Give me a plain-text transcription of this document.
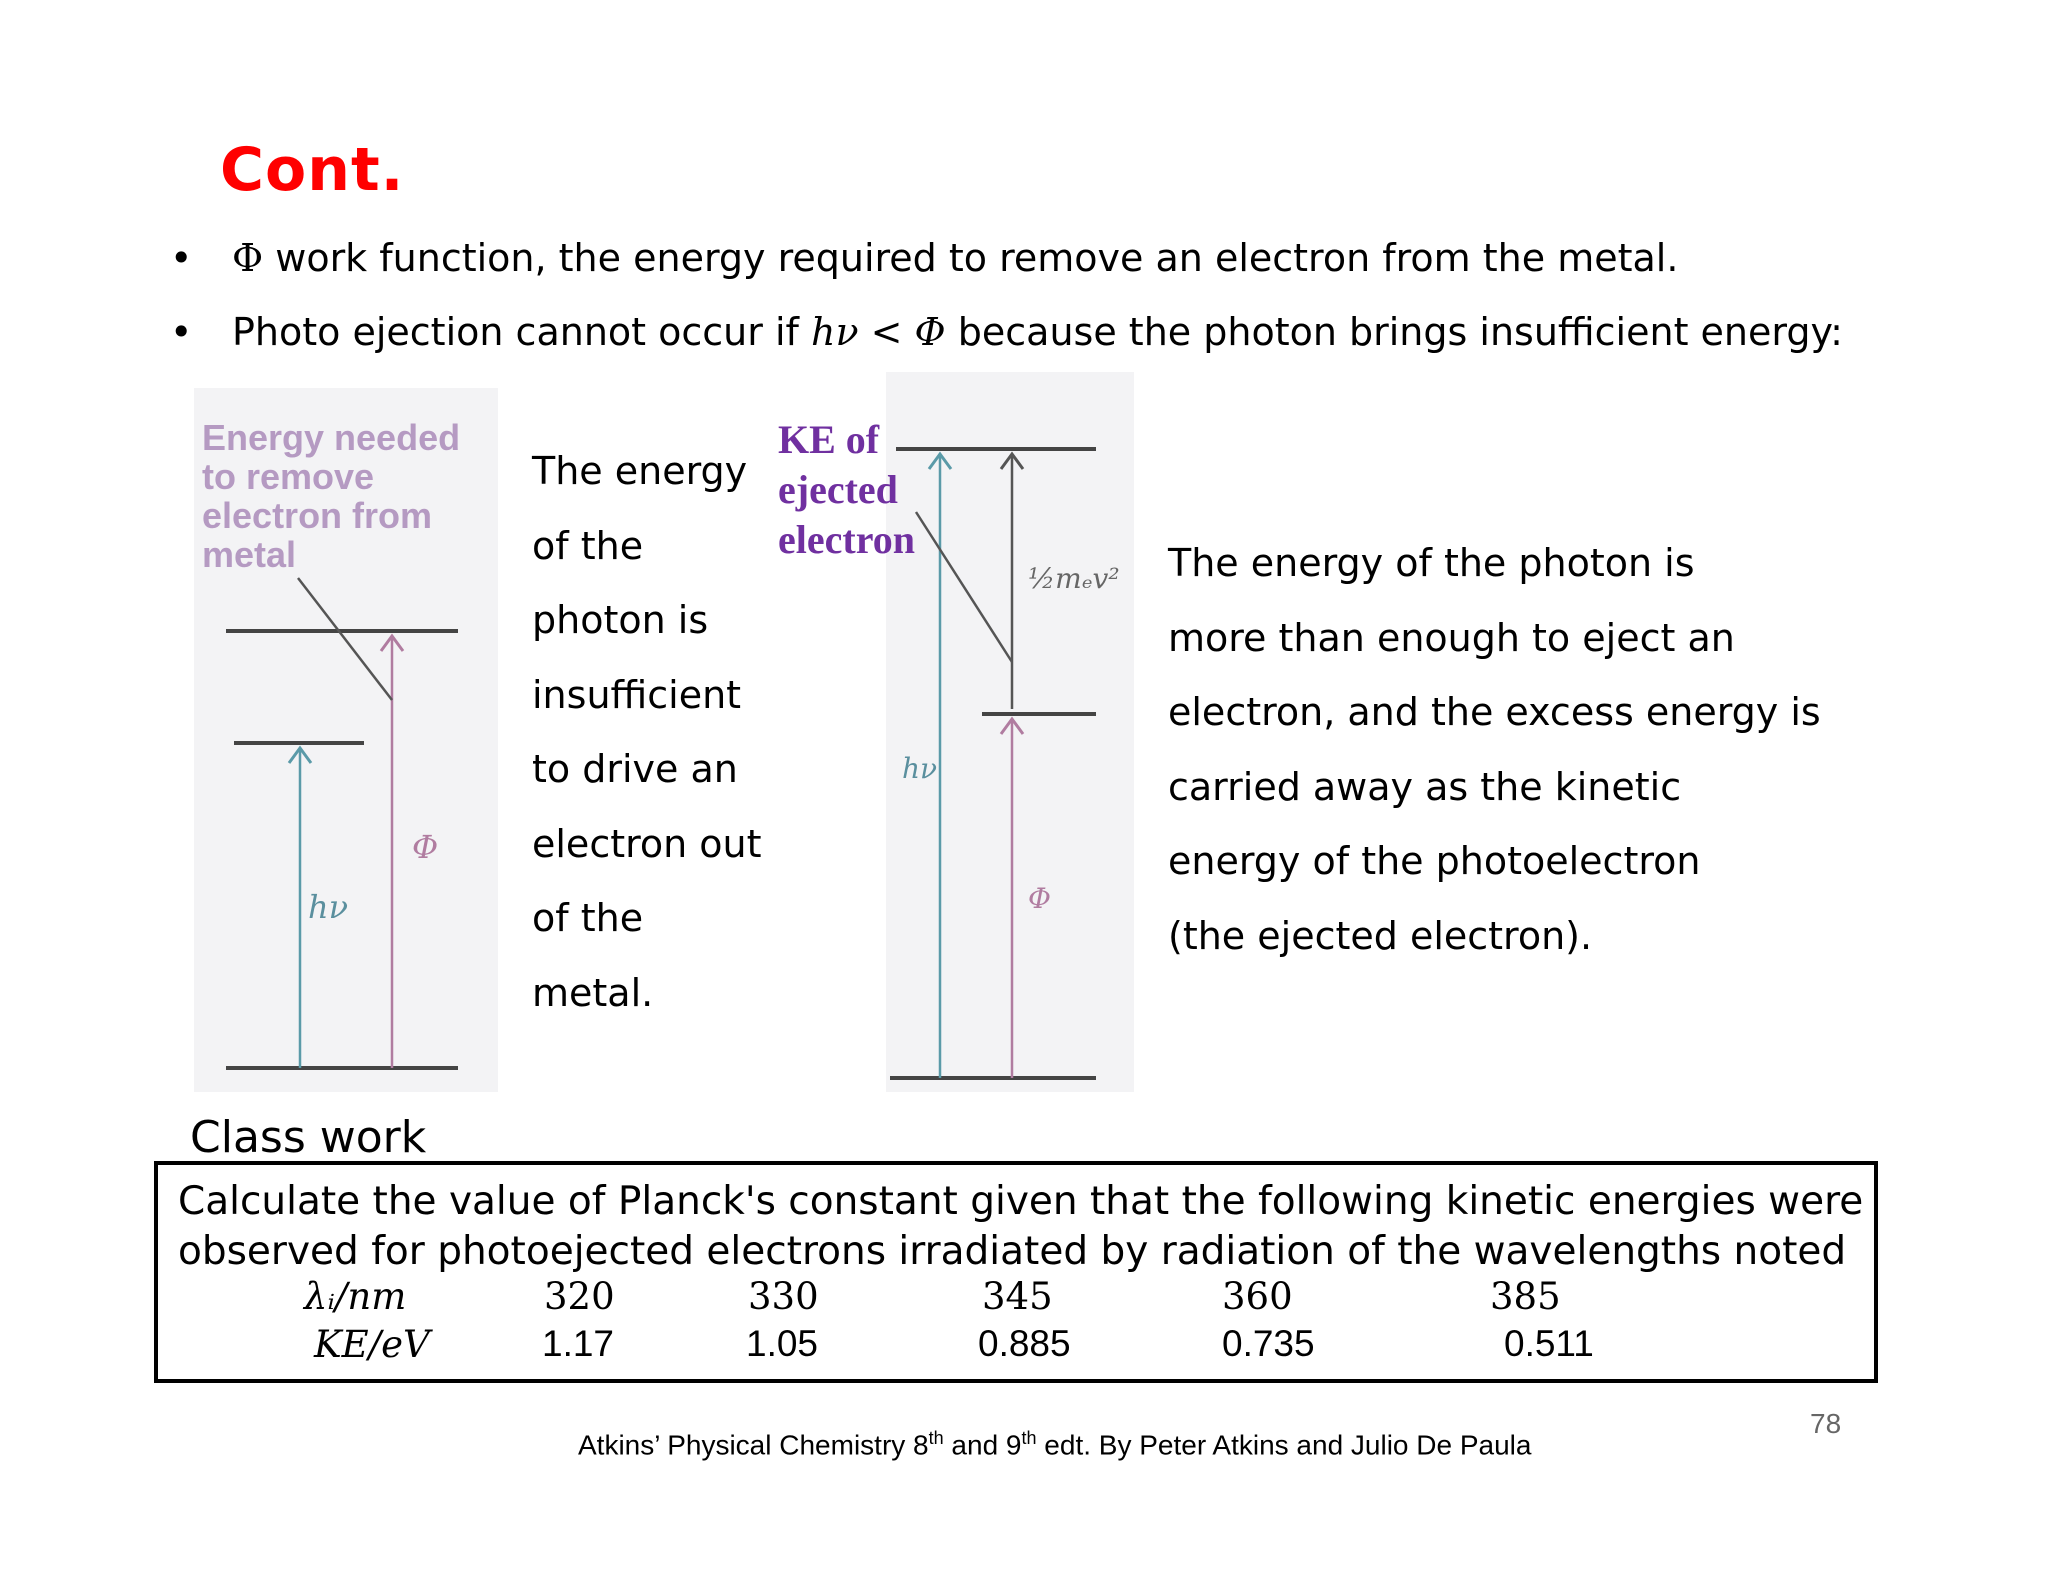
Cont.
• Φ work function, the energy required to remove an electron from the metal.
• Photo ejection cannot occur if hν < Φ because the photon brings insufficient energy:
Energy needed
to remove
electron from
metal
hν
Φ
The energy
of the
photon is
insufficient
to drive an
electron out
of the
metal.
½mₑv²
hν
Φ
KE of
ejected
electron
The energy of the photon is
more than enough to eject an
electron, and the excess energy is
carried away as the kinetic
energy of the photoelectron
(the ejected electron).
Class work
Calculate the value of Planck's constant given that the following kinetic energies were
observed for photoejected electrons irradiated by radiation of the wavelengths noted
λᵢ/nm	320	330	345	360	385
KE/eV	1.17	1.05	0.885	0.735	0.511
Atkins’ Physical Chemistry 8th and 9th edt. By Peter Atkins and Julio De Paula
78
